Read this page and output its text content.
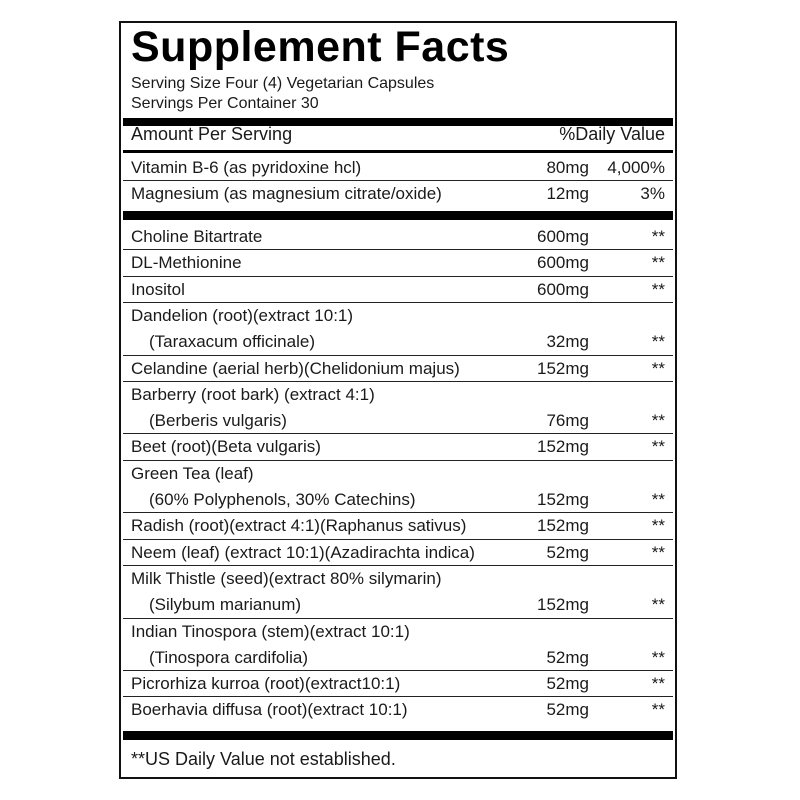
Supplement Facts
Serving Size Four (4) Vegetarian Capsules
Servings Per Container 30
Amount Per Serving	%Daily Value
Vitamin B-6 (as pyridoxine hcl)	80mg 4,000%
Magnesium (as magnesium citrate/oxide)	12mg	3%
Choline Bitartrate	600mg	**
DL-Methionine	600mg	**
Inositol	600mg	**
Dandelion (root)(extract 10:1)
(Taraxacum officinale)	32mg	**
Celandine (aerial herb)(Chelidonium majus)	152mg	**
Barberry (root bark) (extract 4:1)
(Berberis vulgaris)	76mg	**
Beet (root)(Beta vulgaris)	152mg	**
Green Tea (leaf)
(60% Polyphenols, 30% Catechins)	152mg	**
Radish (root)(extract 4:1)(Raphanus sativus)	152mg	**
Neem (leaf) (extract 10:1)(Azadirachta indica)	52mg	**
Milk Thistle (seed)(extract 80% silymarin)
(Silybum marianum)	152mg	**
Indian Tinospora (stem)(extract 10:1)
(Tinospora cardifolia)	52mg	**
Picrorhiza kurroa (root)(extract10:1)	52mg	**
Boerhavia diffusa (root)(extract 10:1)	52mg	**
**US Daily Value not established.
